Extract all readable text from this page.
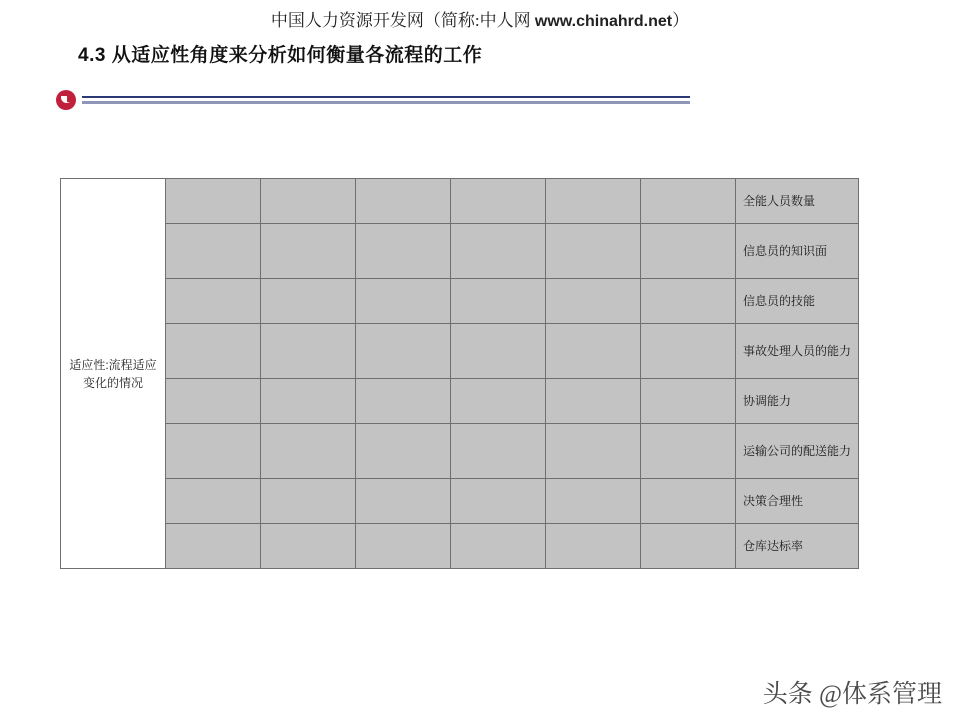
中国人力资源开发网（简称:中人网 www.chinahrd.net）
4.3 从适应性角度来分析如何衡量各流程的工作
适应性:流程适应变化的情况							全能人员数量
							信息员的知识面
							信息员的技能
							事故处理人员的能力
							协调能力
							运输公司的配送能力
							决策合理性
							仓库达标率
头条 @体系管理
